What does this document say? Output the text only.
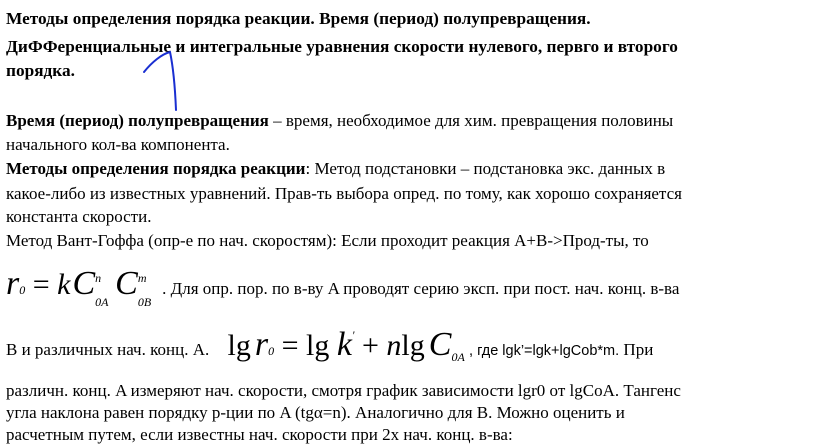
Методы определения порядка реакции. Время (период) полупревращения.
ДиФФеренциальные и интегральные уравнения скорости нулевого, первго и второго
порядка.
Время (период) полупревращения – время, необходимое для хим. превращения половины
начального кол-ва компонента.
Методы определения порядка реакции: Метод подстановки – подстановка экс. данных в
какое-либо из известных уравнений. Прав-ть выбора опред. по тому, как хорошо сохраняется
константа скорости.
Метод Вант-Гоффа (опр-е по нач. скоростям): Если проходит реакция A+B->Прод-ты, то
r0 = kC n
0A
C m
0B
. Для опр. пор. по в-ву A проводят серию эксп. при пост. нач. конц. в-ва
B и различных нач. конц. A. lg r0 = lg k' + nlg $C_{0A}$ , где lgk’=lgk+lgCob*m. При
различн. конц. A измеряют нач. скорости, смотря график зависимости lgr0 от lgCoA. Тангенс
угла наклона равен порядку р-ции по A (tgα=n). Аналогично для B. Можно оценить и
расчетным путем, если известны нач. скорости при 2х нач. конц. в-ва:
